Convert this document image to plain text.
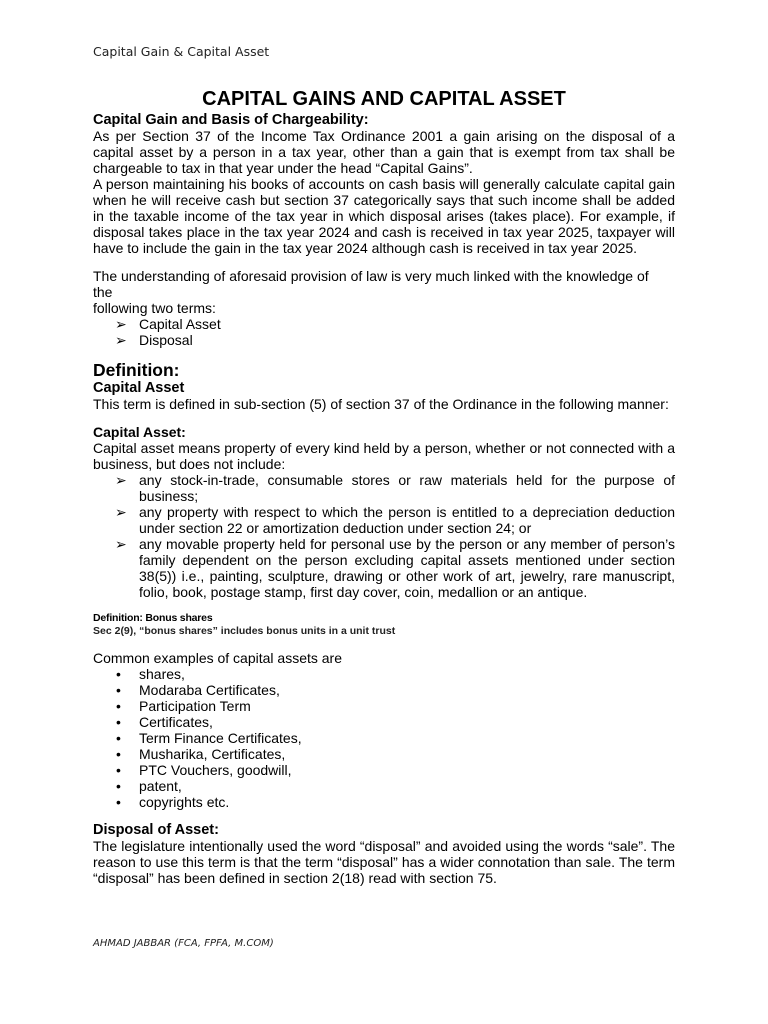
Capital Gain & Capital Asset
CAPITAL GAINS AND CAPITAL ASSET

Capital Gain and Basis of Chargeability:

As per Section 37 of the Income Tax Ordinance 2001 a gain arising on the disposal of a capital asset by a person in a tax year, other than a gain that is exempt from tax shall be chargeable to tax in that year under the head “Capital Gains”.

A person maintaining his books of accounts on cash basis will generally calculate capital gain when he will receive cash but section 37 categorically says that such income shall be added in the taxable income of the tax year in which disposal arises (takes place). For example, if disposal takes place in the tax year 2024 and cash is received in tax year 2025, taxpayer will have to include the gain in the tax year 2024 although cash is received in tax year 2025.

The understanding of aforesaid provision of law is very much linked with the knowledge of

the

following two terms:

➢ Capital Asset
➢ Disposal

Definition:

Capital Asset

This term is defined in sub-section (5) of section 37 of the Ordinance in the following manner:

Capital Asset:

Capital asset means property of every kind held by a person, whether or not connected with a business, but does not include:

➢ any stock-in-trade, consumable stores or raw materials held for the purpose of business;
➢ any property with respect to which the person is entitled to a depreciation deduction under section 22 or amortization deduction under section 24; or
➢ any movable property held for personal use by the person or any member of person’s family dependent on the person excluding capital assets mentioned under section 38(5)) i.e., painting, sculpture, drawing or other work of art, jewelry, rare manuscript, folio, book, postage stamp, first day cover, coin, medallion or an antique.

Definition: Bonus shares

Sec 2(9), “bonus shares” includes bonus units in a unit trust

Common examples of capital assets are

• shares,
• Modaraba Certificates,
• Participation Term
• Certificates,
• Term Finance Certificates,
• Musharika, Certificates,
• PTC Vouchers, goodwill,
• patent,
• copyrights etc.

Disposal of Asset:

The legislature intentionally used the word “disposal” and avoided using the words “sale”. The reason to use this term is that the term “disposal” has a wider connotation than sale. The term “disposal” has been defined in section 2(18) read with section 75.

AHMAD JABBAR (FCA, FPFA, M.COM)
